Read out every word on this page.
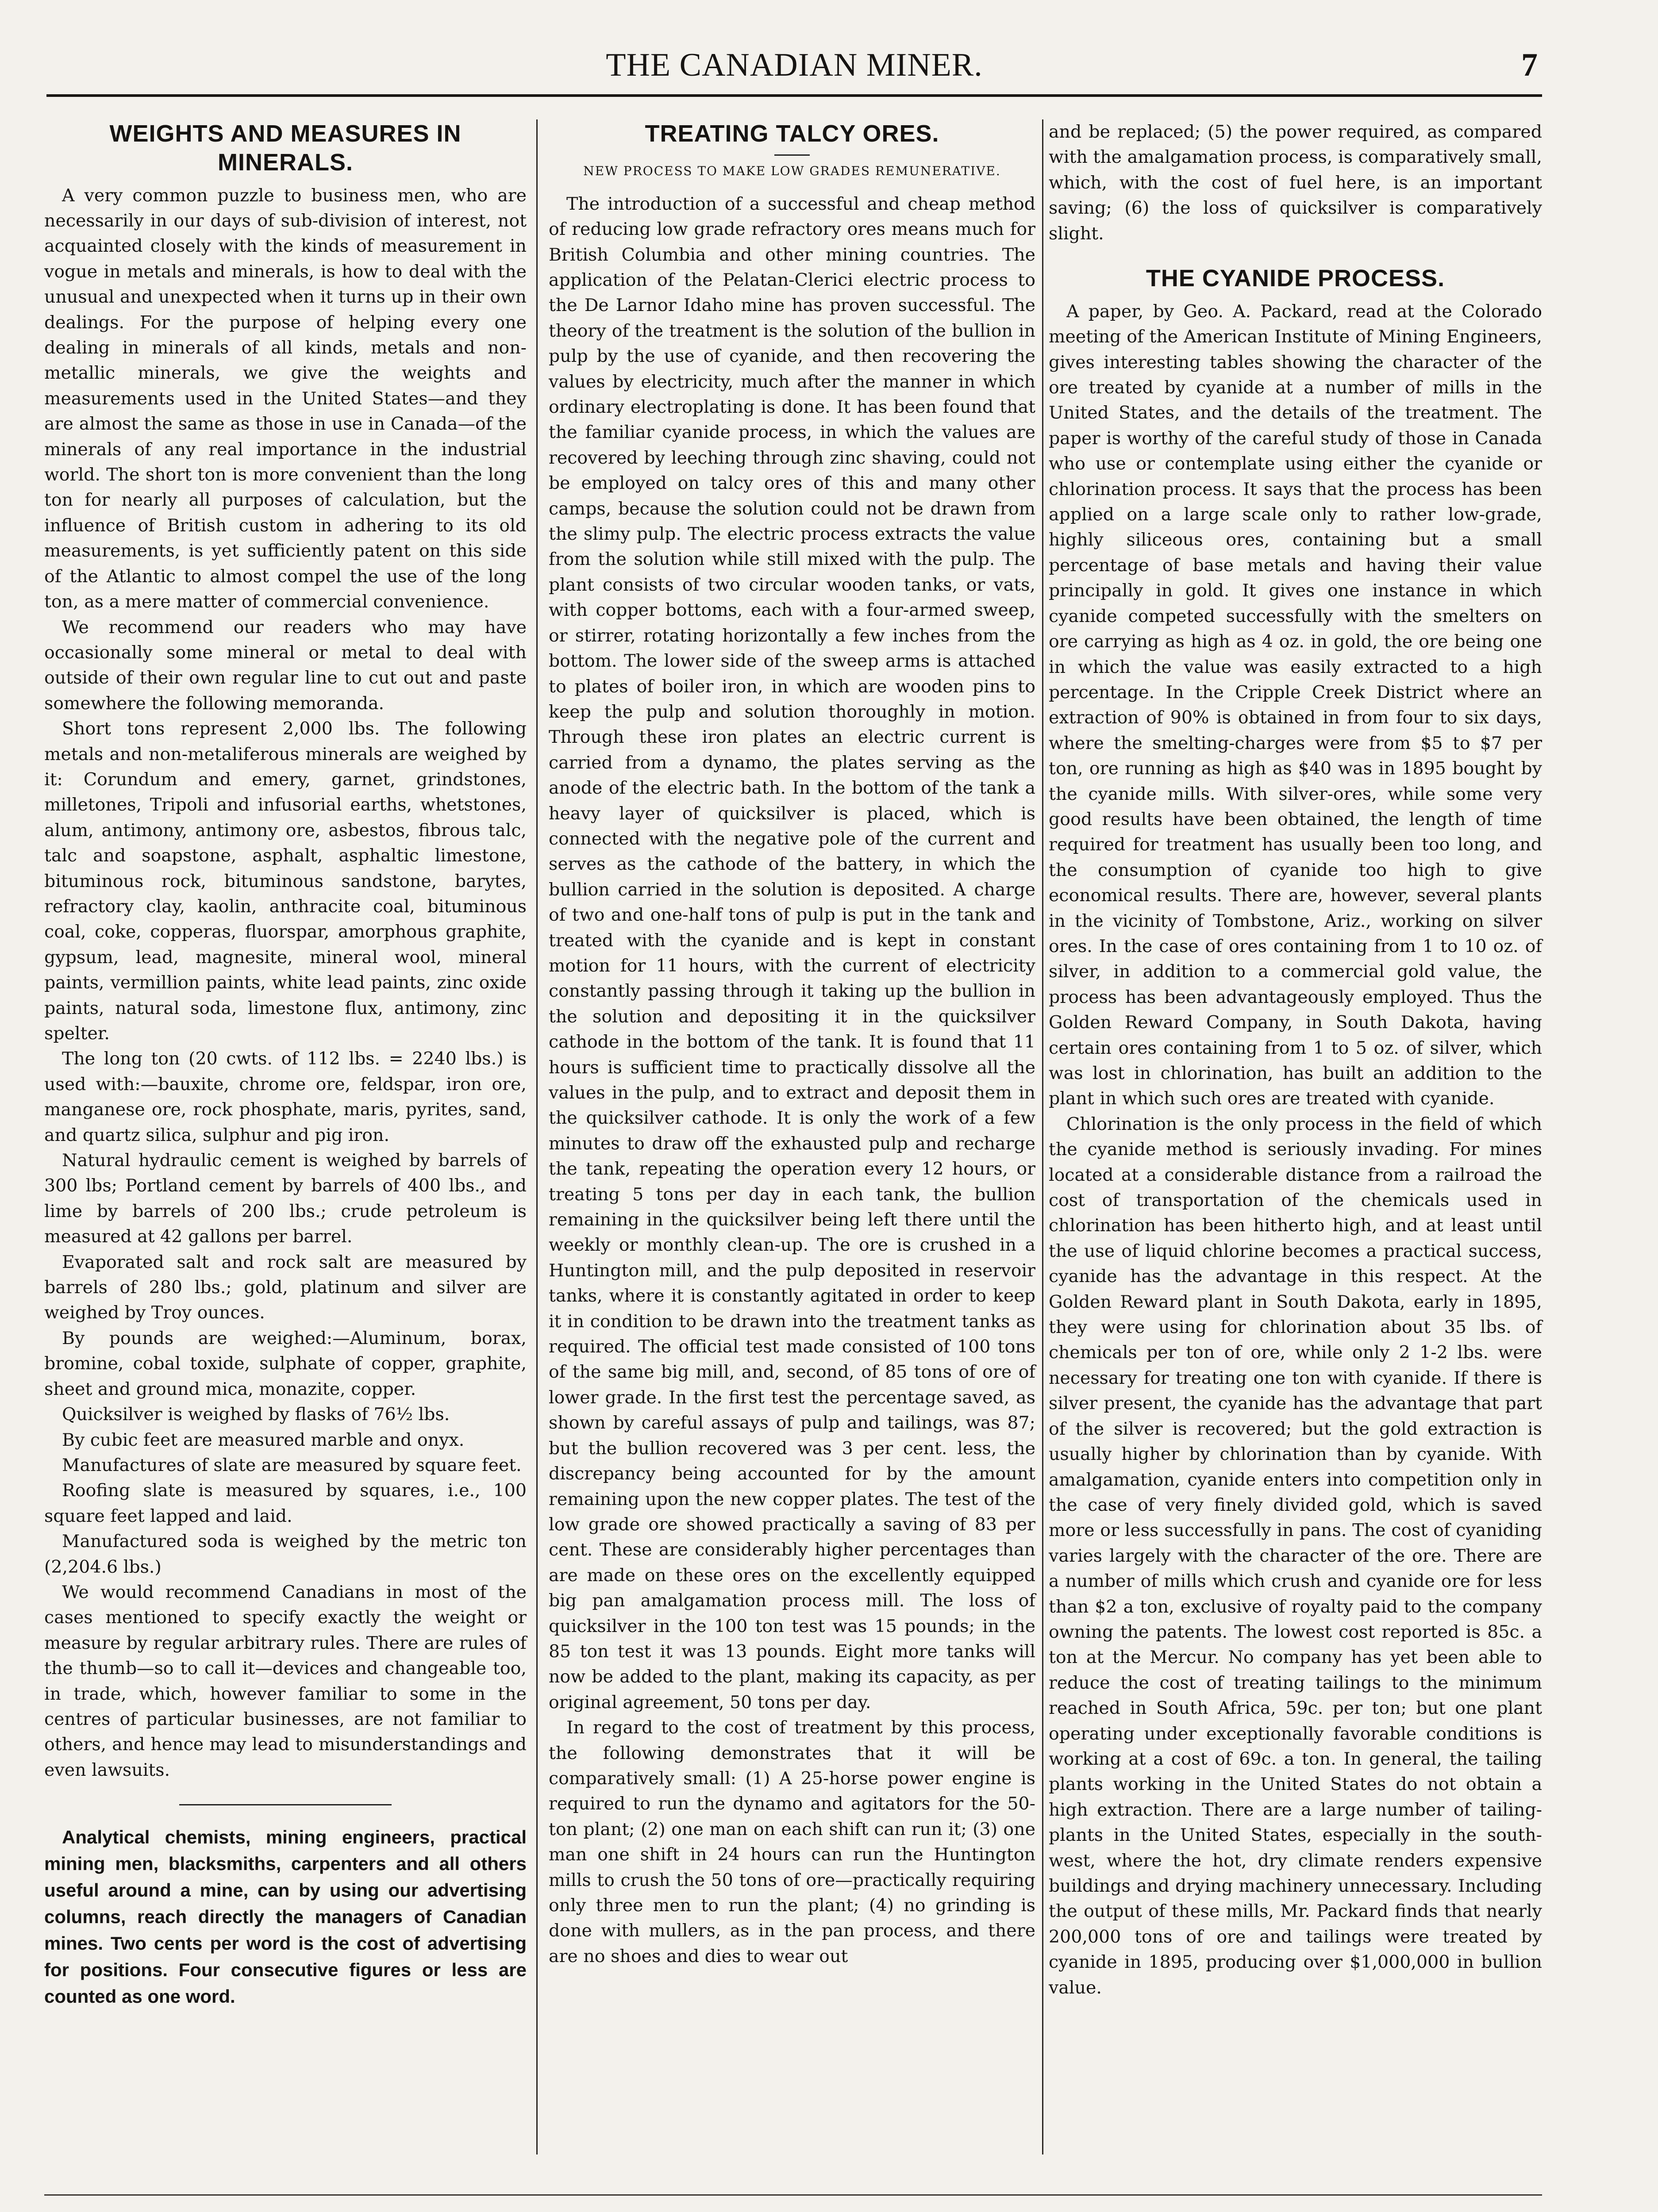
THE CANADIAN MINER.	7
WEIGHTS AND MEASURES IN MINERALS.

A very common puzzle to business men, who are necessarily in our days of sub-division of interest, not acquainted closely with the kinds of measurement in vogue in metals and minerals, is how to deal with the unusual and unexpected when it turns up in their own dealings. For the purpose of helping every one dealing in minerals of all kinds, metals and non-metallic minerals, we give the weights and measurements used in the United States—and they are almost the same as those in use in Canada—of the minerals of any real importance in the industrial world. The short ton is more convenient than the long ton for nearly all purposes of calculation, but the influence of British custom in adhering to its old measurements, is yet sufficiently patent on this side of the Atlantic to almost compel the use of the long ton, as a mere matter of commercial convenience.

We recommend our readers who may have occasionally some mineral or metal to deal with outside of their own regular line to cut out and paste somewhere the following memoranda.

Short tons represent 2,000 lbs. The following metals and non-metaliferous minerals are weighed by it: Corundum and emery, garnet, grindstones, milletones, Tripoli and infusorial earths, whetstones, alum, antimony, antimony ore, asbestos, fibrous talc, talc and soapstone, asphalt, asphaltic limestone, bituminous rock, bituminous sandstone, barytes, refractory clay, kaolin, anthracite coal, bituminous coal, coke, copperas, fluorspar, amorphous graphite, gypsum, lead, magnesite, mineral wool, mineral paints, vermillion paints, white lead paints, zinc oxide paints, natural soda, limestone flux, antimony, zinc spelter.

The long ton (20 cwts. of 112 lbs. = 2240 lbs.) is used with:—bauxite, chrome ore, feldspar, iron ore, manganese ore, rock phosphate, maris, pyrites, sand, and quartz silica, sulphur and pig iron.

Natural hydraulic cement is weighed by barrels of 300 lbs; Portland cement by barrels of 400 lbs., and lime by barrels of 200 lbs.; crude petroleum is measured at 42 gallons per barrel.

Evaporated salt and rock salt are measured by barrels of 280 lbs.; gold, platinum and silver are weighed by Troy ounces.

By pounds are weighed:—Aluminum, borax, bromine, cobal toxide, sulphate of copper, graphite, sheet and ground mica, monazite, copper.

Quicksilver is weighed by flasks of 76½ lbs.

By cubic feet are measured marble and onyx.

Manufactures of slate are measured by square feet.

Roofing slate is measured by squares, i.e., 100 square feet lapped and laid.

Manufactured soda is weighed by the metric ton (2,204.6 lbs.)

We would recommend Canadians in most of the cases mentioned to specify exactly the weight or measure by regular arbitrary rules. There are rules of the thumb—so to call it—devices and changeable too, in trade, which, however familiar to some in the centres of particular businesses, are not familiar to others, and hence may lead to misunderstandings and even lawsuits.

Analytical chemists, mining engineers, practical mining men, blacksmiths, carpenters and all others useful around a mine, can by using our advertising columns, reach directly the managers of Canadian mines. Two cents per word is the cost of advertising for positions. Four consecutive figures or less are counted as one word.

TREATING TALCY ORES.
NEW PROCESS TO MAKE LOW GRADES REMUNERATIVE.

The introduction of a successful and cheap method of reducing low grade refractory ores means much for British Columbia and other mining countries. The application of the Pelatan-Clerici electric process to the De Larnor Idaho mine has proven successful. The theory of the treatment is the solution of the bullion in pulp by the use of cyanide, and then recovering the values by electricity, much after the manner in which ordinary electroplating is done. It has been found that the familiar cyanide process, in which the values are recovered by leeching through zinc shaving, could not be employed on talcy ores of this and many other camps, because the solution could not be drawn from the slimy pulp. The electric process extracts the value from the solution while still mixed with the pulp. The plant consists of two circular wooden tanks, or vats, with copper bottoms, each with a four-armed sweep, or stirrer, rotating horizontally a few inches from the bottom. The lower side of the sweep arms is attached to plates of boiler iron, in which are wooden pins to keep the pulp and solution thoroughly in motion. Through these iron plates an electric current is carried from a dynamo, the plates serving as the anode of the electric bath. In the bottom of the tank a heavy layer of quicksilver is placed, which is connected with the negative pole of the current and serves as the cathode of the battery, in which the bullion carried in the solution is deposited. A charge of two and one-half tons of pulp is put in the tank and treated with the cyanide and is kept in constant motion for 11 hours, with the current of electricity constantly passing through it taking up the bullion in the solution and depositing it in the quicksilver cathode in the bottom of the tank. It is found that 11 hours is sufficient time to practically dissolve all the values in the pulp, and to extract and deposit them in the quicksilver cathode. It is only the work of a few minutes to draw off the exhausted pulp and recharge the tank, repeating the operation every 12 hours, or treating 5 tons per day in each tank, the bullion remaining in the quicksilver being left there until the weekly or monthly clean-up. The ore is crushed in a Huntington mill, and the pulp deposited in reservoir tanks, where it is constantly agitated in order to keep it in condition to be drawn into the treatment tanks as required. The official test made consisted of 100 tons of the same big mill, and, second, of 85 tons of ore of lower grade. In the first test the percentage saved, as shown by careful assays of pulp and tailings, was 87; but the bullion recovered was 3 per cent. less, the discrepancy being accounted for by the amount remaining upon the new copper plates. The test of the low grade ore showed practically a saving of 83 per cent. These are considerably higher percentages than are made on these ores on the excellently equipped big pan amalgamation process mill. The loss of quicksilver in the 100 ton test was 15 pounds; in the 85 ton test it was 13 pounds. Eight more tanks will now be added to the plant, making its capacity, as per original agreement, 50 tons per day.

In regard to the cost of treatment by this process, the following demonstrates that it will be comparatively small: (1) A 25-horse power engine is required to run the dynamo and agitators for the 50-ton plant; (2) one man on each shift can run it; (3) one man one shift in 24 hours can run the Huntington mills to crush the 50 tons of ore—practically requiring only three men to run the plant; (4) no grinding is done with mullers, as in the pan process, and there are no shoes and dies to wear out

and be replaced; (5) the power required, as compared with the amalgamation process, is comparatively small, which, with the cost of fuel here, is an important saving; (6) the loss of quicksilver is comparatively slight.

THE CYANIDE PROCESS.

A paper, by Geo. A. Packard, read at the Colorado meeting of the American Institute of Mining Engineers, gives interesting tables showing the character of the ore treated by cyanide at a number of mills in the United States, and the details of the treatment. The paper is worthy of the careful study of those in Canada who use or contemplate using either the cyanide or chlorination process. It says that the process has been applied on a large scale only to rather low-grade, highly siliceous ores, containing but a small percentage of base metals and having their value principally in gold. It gives one instance in which cyanide competed successfully with the smelters on ore carrying as high as 4 oz. in gold, the ore being one in which the value was easily extracted to a high percentage. In the Cripple Creek District where an extraction of 90% is obtained in from four to six days, where the smelting-charges were from $5 to $7 per ton, ore running as high as $40 was in 1895 bought by the cyanide mills. With silver-ores, while some very good results have been obtained, the length of time required for treatment has usually been too long, and the consumption of cyanide too high to give economical results. There are, however, several plants in the vicinity of Tombstone, Ariz., working on silver ores. In the case of ores containing from 1 to 10 oz. of silver, in addition to a commercial gold value, the process has been advantageously employed. Thus the Golden Reward Company, in South Dakota, having certain ores containing from 1 to 5 oz. of silver, which was lost in chlorination, has built an addition to the plant in which such ores are treated with cyanide.

Chlorination is the only process in the field of which the cyanide method is seriously invading. For mines located at a considerable distance from a railroad the cost of transportation of the chemicals used in chlorination has been hitherto high, and at least until the use of liquid chlorine becomes a practical success, cyanide has the advantage in this respect. At the Golden Reward plant in South Dakota, early in 1895, they were using for chlorination about 35 lbs. of chemicals per ton of ore, while only 2 1-2 lbs. were necessary for treating one ton with cyanide. If there is silver present, the cyanide has the advantage that part of the silver is recovered; but the gold extraction is usually higher by chlorination than by cyanide. With amalgamation, cyanide enters into competition only in the case of very finely divided gold, which is saved more or less successfully in pans. The cost of cyaniding varies largely with the character of the ore. There are a number of mills which crush and cyanide ore for less than $2 a ton, exclusive of royalty paid to the company owning the patents. The lowest cost reported is 85c. a ton at the Mercur. No company has yet been able to reduce the cost of treating tailings to the minimum reached in South Africa, 59c. per ton; but one plant operating under exceptionally favorable conditions is working at a cost of 69c. a ton. In general, the tailing plants working in the United States do not obtain a high extraction. There are a large number of tailing-plants in the United States, especially in the south-west, where the hot, dry climate renders expensive buildings and drying machinery unnecessary. Including the output of these mills, Mr. Packard finds that nearly 200,000 tons of ore and tailings were treated by cyanide in 1895, producing over $1,000,000 in bullion value.
